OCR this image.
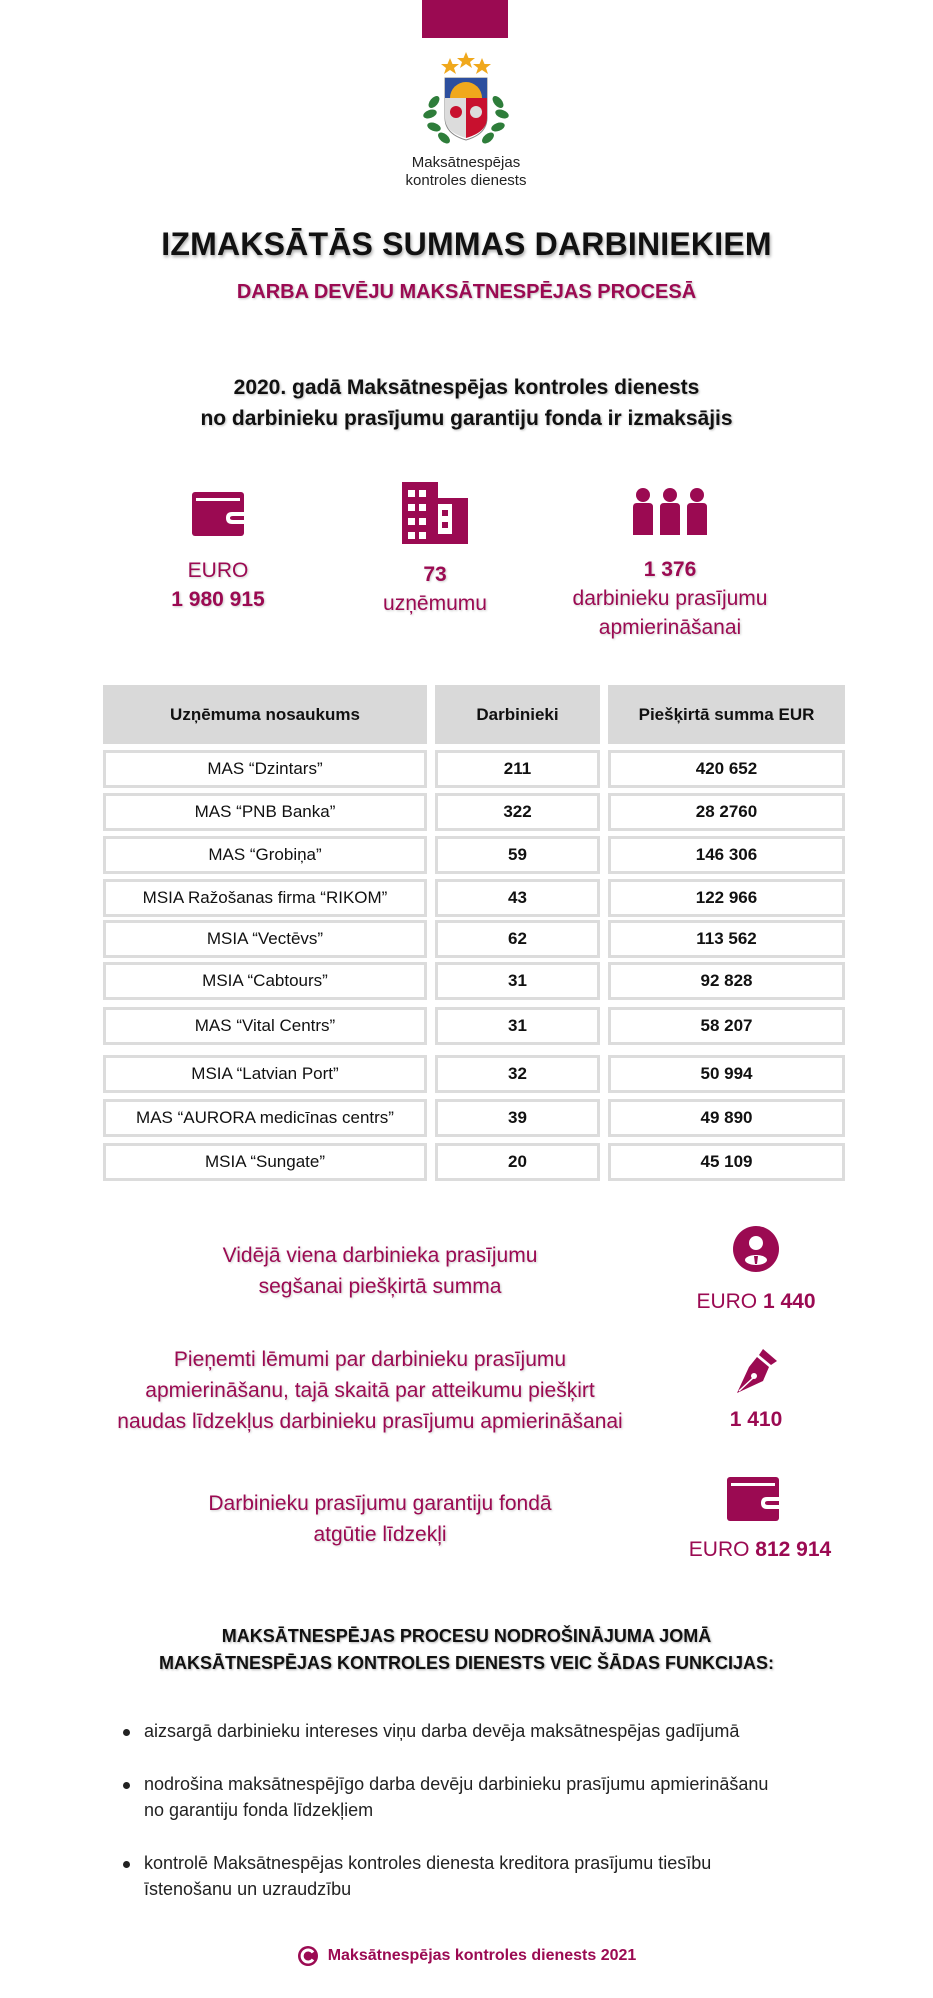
Maksātnespējas
kontroles dienests
IZMAKSĀTĀS SUMMAS DARBINIEKIEM
DARBA DEVĒJU MAKSĀTNESPĒJAS PROCESĀ
2020. gadā Maksātnespējas kontroles dienests
no darbinieku prasījumu garantiju fonda ir izmaksājis
EURO
1 980 915
73
uzņēmumu
1 376
darbinieku prasījumu
apmierināšanai
Uzņēmuma nosaukums	Darbinieki	Piešķirtā summa EUR
MAS “Dzintars”	211	420 652
MAS “PNB Banka”	322	28 2760
MAS “Grobiņa”	59	146 306
MSIA Ražošanas firma “RIKOM”	43	122 966
MSIA “Vectēvs”	62	113 562
MSIA “Cabtours”	31	92 828
MAS “Vital Centrs”	31	58 207
MSIA “Latvian Port”	32	50 994
MAS “AURORA medicīnas centrs”	39	49 890
MSIA “Sungate”	20	45 109
Vidējā viena darbinieka prasījumu
segšanai piešķirtā summa
EURO 1 440
Pieņemti lēmumi par darbinieku prasījumu
apmierināšanu, tajā skaitā par atteikumu piešķirt
naudas līdzekļus darbinieku prasījumu apmierināšanai	1 410
Darbinieku prasījumu garantiju fondā
atgūtie līdzekļi
EURO 812 914
MAKSĀTNESPĒJAS PROCESU NODROŠINĀJUMA JOMĀ
MAKSĀTNESPĒJAS KONTROLES DIENESTS VEIC ŠĀDAS FUNKCIJAS:
aizsargā darbinieku intereses viņu darba devēja maksātnespējas gadījumā
nodrošina maksātnespējīgo darba devēju darbinieku prasījumu apmierināšanu
no garantiju fonda līdzekļiem
kontrolē Maksātnespējas kontroles dienesta kreditora prasījumu tiesību
īstenošanu un uzraudzību
Maksātnespējas kontroles dienests 2021
